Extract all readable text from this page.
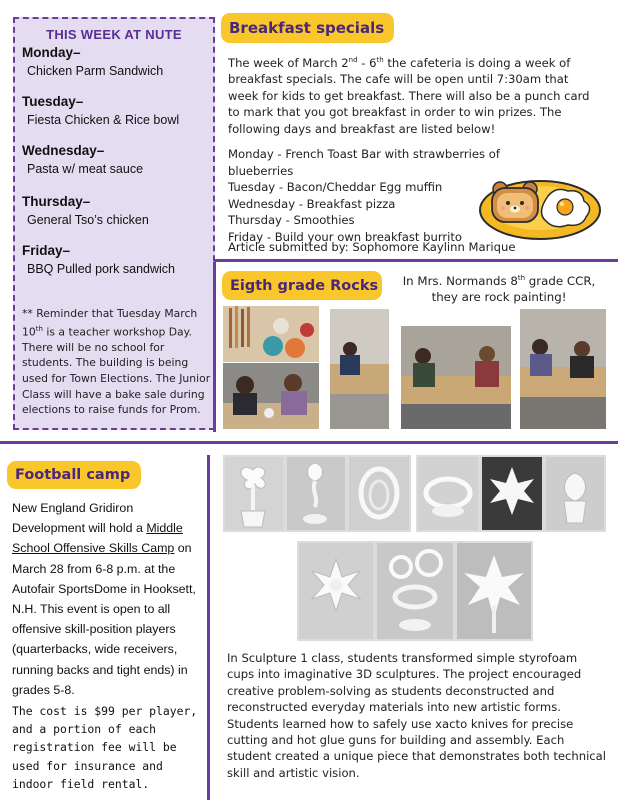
THIS WEEK AT NUTE
Monday–
Chicken Parm Sandwich
Tuesday–
Fiesta Chicken & Rice bowl
Wednesday–
Pasta w/ meat sauce
Thursday–
General Tso’s chicken
Friday–
BBQ Pulled pork sandwich
** Reminder that Tuesday March 10th is a teacher workshop Day. There will be no school for students. The building is being used for Town Elections. The Junior Class will have a bake sale during elections to raise funds for Prom.
Breakfast specials
The week of March 2nd - 6th the cafeteria is doing a week of breakfast specials. The cafe will be open until 7:30am that week for kids to get breakfast. There will also be a punch card to mark that you got breakfast in order to win prizes. The following days and breakfast are listed below!
Monday - French Toast Bar with strawberries of blueberries
Tuesday - Bacon/Cheddar Egg muffin
Wednesday - Breakfast pizza
Thursday - Smoothies
Friday - Build your own breakfast burrito
Article submitted by: Sophomore Kaylinn Marique
Eigth grade Rocks	In Mrs. Normands 8th grade CCR, they are rock painting!
Football camp
New England Gridiron Development will hold a Middle School Offensive Skills Camp on March 28 from 6-8 p.m. at the Autofair SportsDome in Hooksett, N.H. This event is open to all offensive skill-position players (quarterbacks, wide receivers, running backs and tight ends) in grades 5-8.
The cost is $99 per player, and a portion of each registration fee will be used for insurance and indoor field rental.
In Sculpture 1 class, students transformed simple styrofoam cups into imaginative 3D sculptures. The project encouraged creative problem-solving as students deconstructed and reconstructed everyday materials into new artistic forms. Students learned how to safely use xacto knives for precise cutting and hot glue guns for building and assembly. Each student created a unique piece that demonstrates both technical skill and artistic vision.
